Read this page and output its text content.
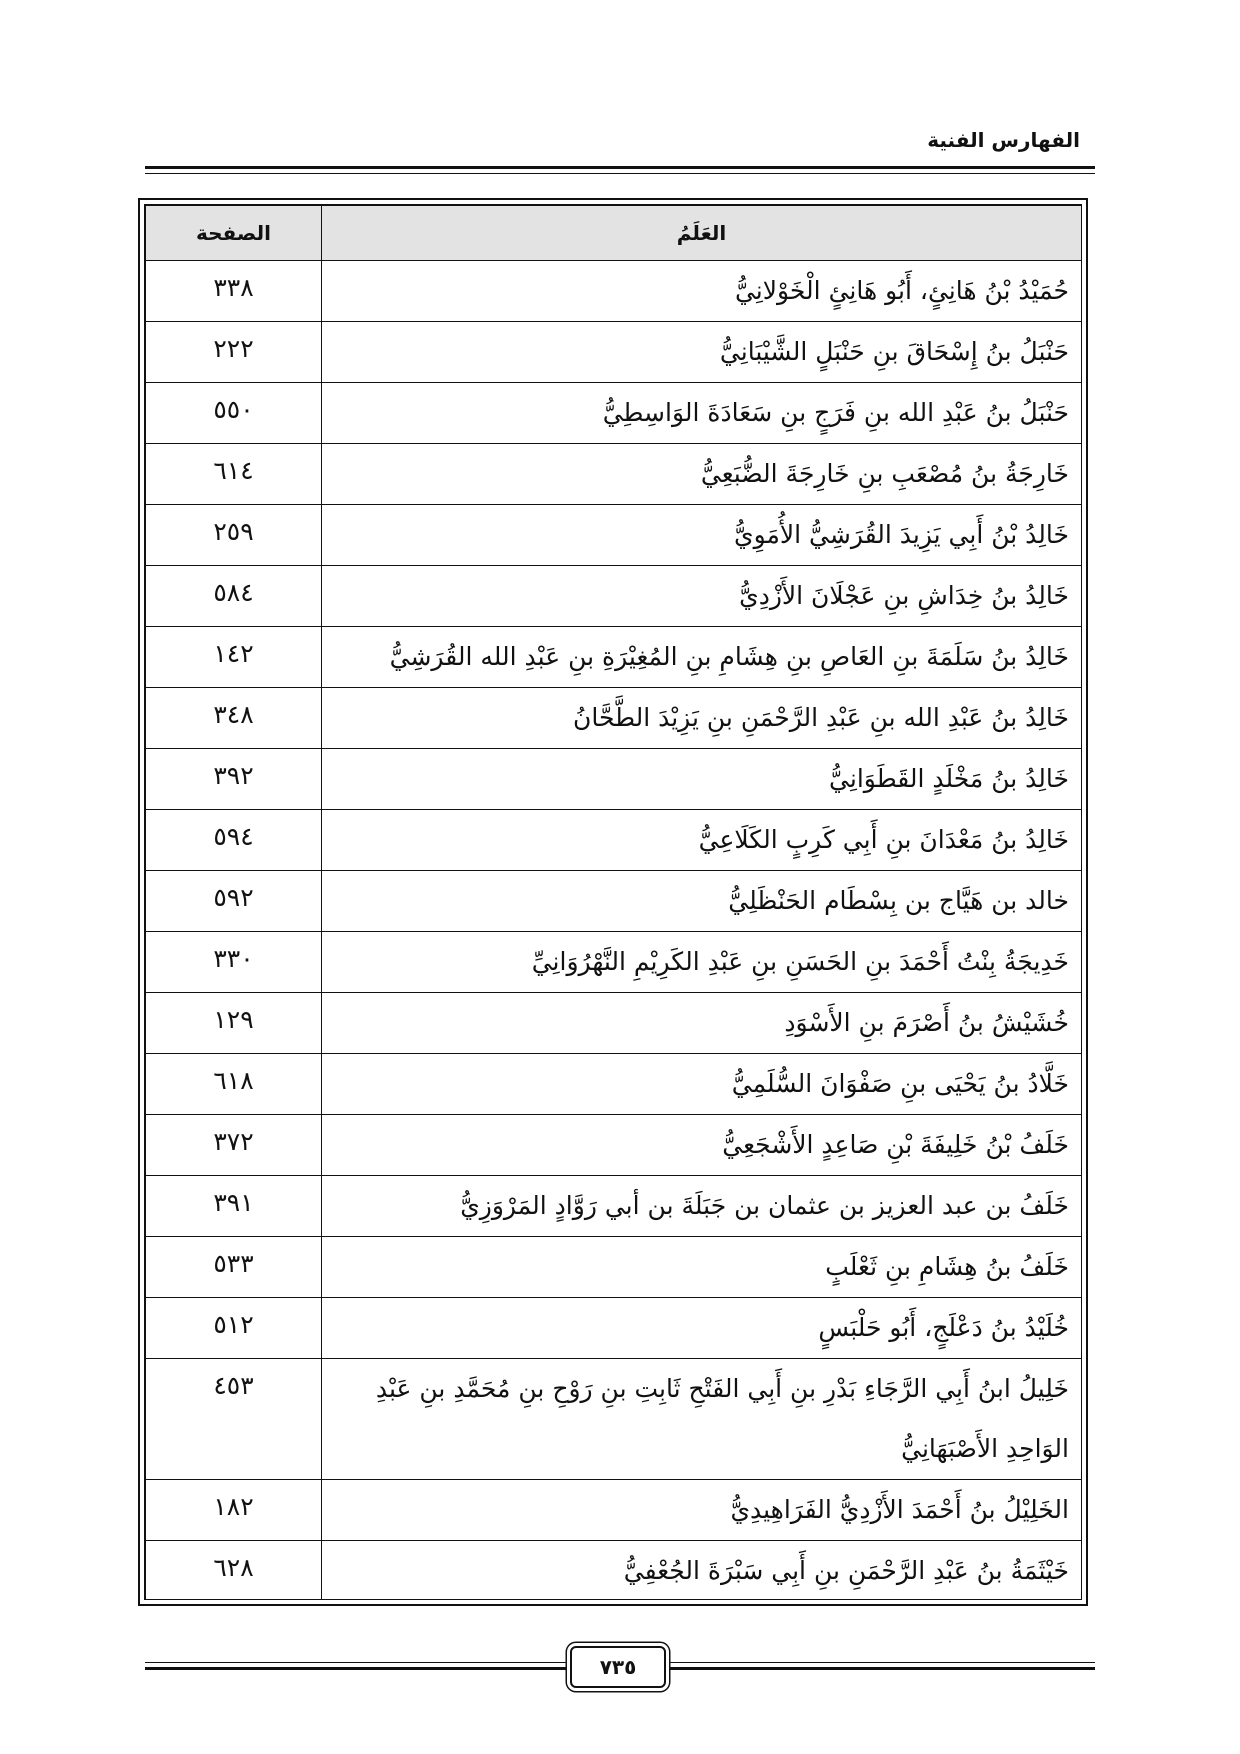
الفهارس الفنية
العَلَمُ	الصفحة
حُمَيْدُ بْنُ هَانِئٍ، أَبُو هَانِئٍ الْخَوْلانِيُّ	٣٣٨
حَنْبَلُ بنُ إِسْحَاقَ بنِ حَنْبَلٍ الشَّيْبَانِيُّ	٢٢٢
حَنْبَلُ بنُ عَبْدِ الله بنِ فَرَجٍ بنِ سَعَادَةَ الوَاسِطِيُّ	٥٥٠
خَارِجَةُ بنُ مُصْعَبِ بنِ خَارِجَةَ الضُّبَعِيُّ	٦١٤
خَالِدُ بْنُ أَبِي يَزِيدَ القُرَشِيُّ الأُمَوِيُّ	٢٥٩
خَالِدُ بنُ خِدَاشِ بنِ عَجْلَانَ الأَزْدِيُّ	٥٨٤
خَالِدُ بنُ سَلَمَةَ بنِ العَاصِ بنِ هِشَامِ بنِ المُغِيْرَةِ بنِ عَبْدِ الله القُرَشِيُّ	١٤٢
خَالِدُ بنُ عَبْدِ الله بنِ عَبْدِ الرَّحْمَنِ بنِ يَزِيْدَ الطَّحَّانُ	٣٤٨
خَالِدُ بنُ مَخْلَدٍ القَطَوَانِيُّ	٣٩٢
خَالِدُ بنُ مَعْدَانَ بنِ أَبِي كَرِبٍ الكَلَاعِيُّ	٥٩٤
خالد بن هَيَّاج بن بِسْطَام الحَنْظَلِيُّ	٥٩٢
خَدِيجَةُ بِنْتُ أَحْمَدَ بنِ الحَسَنِ بنِ عَبْدِ الكَرِيْمِ النَّهْرُوَانِيِّ	٣٣٠
خُشَيْشُ بنُ أَصْرَمَ بنِ الأَسْوَدِ	١٢٩
خَلَّادُ بنُ يَحْيَى بنِ صَفْوَانَ السُّلَمِيُّ	٦١٨
خَلَفُ بْنُ خَلِيفَةَ بْنِ صَاعِدٍ الأَشْجَعِيُّ	٣٧٢
خَلَفُ بن عبد العزيز بن عثمان بن جَبَلَةَ بن أبي رَوَّادٍ المَرْوَزِيُّ	٣٩١
خَلَفُ بنُ هِشَامِ بنِ ثَعْلَبٍ	٥٣٣
خُلَيْدُ بنُ دَعْلَجٍ، أَبُو حَلْبَسٍ	٥١٢
خَلِيلُ ابنُ أَبِي الرَّجَاءِ بَدْرِ بنِ أَبِي الفَتْحِ ثَابِتِ بنِ رَوْحِ بنِ مُحَمَّدِ بنِ عَبْدِ الوَاحِدِ الأَصْبَهَانِيُّ	٤٥٣
الخَلِيْلُ بنُ أَحْمَدَ الأَزْدِيُّ الفَرَاهِيدِيُّ	١٨٢
خَيْثَمَةُ بنُ عَبْدِ الرَّحْمَنِ بنِ أَبِي سَبْرَةَ الجُعْفِيُّ	٦٢٨
٧٣٥
